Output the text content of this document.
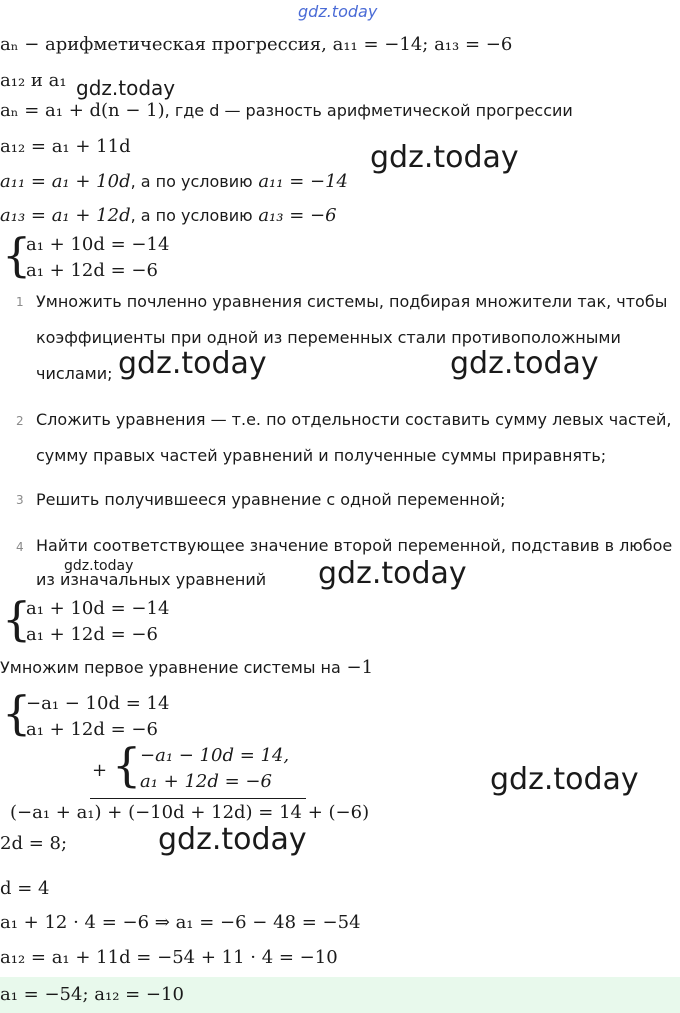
gdz.today
aₙ − арифметическая прогрессия, a₁₁ = −14; a₁₃ = −6
a₁₂ и a₁ gdz.today
aₙ = a₁ + d(n − 1), где d — разность арифметической прогрессии
a₁₂ = a₁ + 11d	gdz.today
a₁₁ = a₁ + 10d, а по условию a₁₁ = −14
a₁₃ = a₁ + 12d, а по условию a₁₃ = −6
{
a₁ + 10d = −14
a₁ + 12d = −6
1 Умножить почленно уравнения системы, подбирая множители так, чтобы
коэффициенты при одной из переменных стали противоположными
числами; gdz.today	gdz.today
2 Сложить уравнения — т.е. по отдельности составить сумму левых частей,
сумму правых частей уравнений и полученные суммы приравнять;
3 Решить получившееся уравнение с одной переменной;
4 Найти соответствующее значение второй переменной, подставив в любое
из изначальных уравнений
gdz.today	gdz.today
{
a₁ + 10d = −14
a₁ + 12d = −6
Умножим первое уравнение системы на −1
{
−a₁ − 10d = 14
a₁ + 12d = −6
+ {
−a₁ − 10d = 14,
a₁ + 12d = −6	gdz.today
(−a₁ + a₁) + (−10d + 12d) = 14 + (−6)
2d = 8;	gdz.today
d = 4
a₁ + 12 · 4 = −6 ⇒ a₁ = −6 − 48 = −54
a₁₂ = a₁ + 11d = −54 + 11 · 4 = −10
a₁ = −54; a₁₂ = −10
